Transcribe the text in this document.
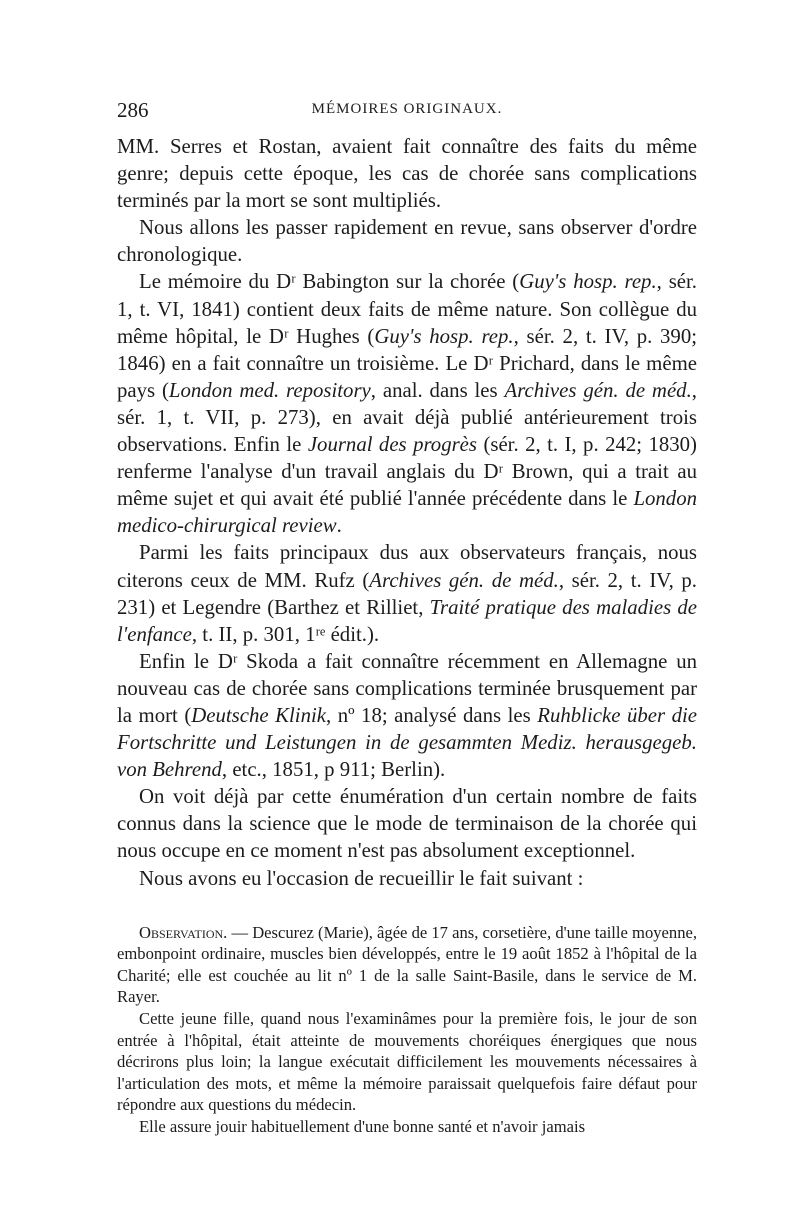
286	MÉMOIRES ORIGINAUX.

MM. Serres et Rostan, avaient fait connaître des faits du même genre; depuis cette époque, les cas de chorée sans complications terminés par la mort se sont multipliés.

Nous allons les passer rapidement en revue, sans observer d'ordre chronologique.

Le mémoire du Dʳ Babington sur la chorée (Guy's hosp. rep., sér. 1, t. VI, 1841) contient deux faits de même nature. Son collègue du même hôpital, le Dʳ Hughes (Guy's hosp. rep., sér. 2, t. IV, p. 390; 1846) en a fait connaître un troisième. Le Dʳ Prichard, dans le même pays (London med. repository, anal. dans les Archives gén. de méd., sér. 1, t. VII, p. 273), en avait déjà publié antérieurement trois observations. Enfin le Journal des progrès (sér. 2, t. I, p. 242; 1830) renferme l'analyse d'un travail anglais du Dʳ Brown, qui a trait au même sujet et qui avait été publié l'année précédente dans le London medico-chirurgical review.

Parmi les faits principaux dus aux observateurs français, nous citerons ceux de MM. Rufz (Archives gén. de méd., sér. 2, t. IV, p. 231) et Legendre (Barthez et Rilliet, Traité pratique des maladies de l'enfance, t. II, p. 301, 1ʳᵉ édit.).

Enfin le Dʳ Skoda a fait connaître récemment en Allemagne un nouveau cas de chorée sans complications terminée brusquement par la mort (Deutsche Klinik, nº 18; analysé dans les Ruhblicke über die Fortschritte und Leistungen in de gesammten Mediz. herausgegeb. von Behrend, etc., 1851, p 911; Berlin).

On voit déjà par cette énumération d'un certain nombre de faits connus dans la science que le mode de terminaison de la chorée qui nous occupe en ce moment n'est pas absolument exceptionnel.

Nous avons eu l'occasion de recueillir le fait suivant :

Observation. — Descurez (Marie), âgée de 17 ans, corsetière, d'une taille moyenne, embonpoint ordinaire, muscles bien développés, entre le 19 août 1852 à l'hôpital de la Charité; elle est couchée au lit nº 1 de la salle Saint-Basile, dans le service de M. Rayer.

Cette jeune fille, quand nous l'examinâmes pour la première fois, le jour de son entrée à l'hôpital, était atteinte de mouvements choréiques énergiques que nous décrirons plus loin; la langue exécutait difficilement les mouvements nécessaires à l'articulation des mots, et même la mémoire paraissait quelquefois faire défaut pour répondre aux questions du médecin.

Elle assure jouir habituellement d'une bonne santé et n'avoir jamais
